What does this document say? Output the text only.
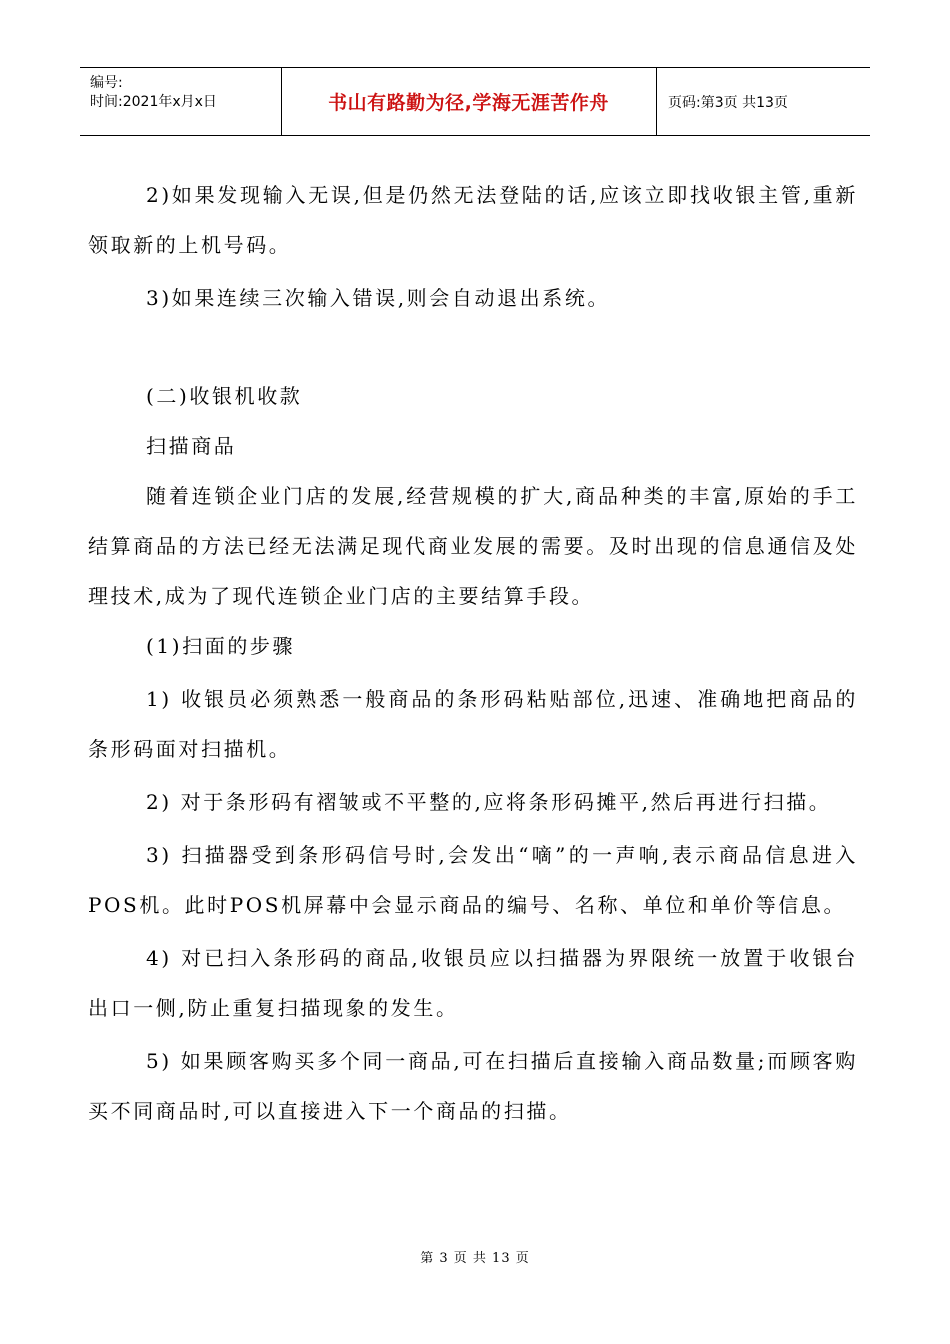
编号:
时间:2021年x月x日	书山有路勤为径,学海无涯苦作舟	页码:第3页 共13页

2)如果发现输入无误,但是仍然无法登陆的话,应该立即找收银主管,重新领取新的上机号码。

3)如果连续三次输入错误,则会自动退出系统。

(二)收银机收款

扫描商品

随着连锁企业门店的发展,经营规模的扩大,商品种类的丰富,原始的手工结算商品的方法已经无法满足现代商业发展的需要。及时出现的信息通信及处理技术,成为了现代连锁企业门店的主要结算手段。

(1)扫面的步骤

1) 收银员必须熟悉一般商品的条形码粘贴部位,迅速、准确地把商品的条形码面对扫描机。

2) 对于条形码有褶皱或不平整的,应将条形码摊平,然后再进行扫描。

3) 扫描器受到条形码信号时,会发出“嘀”的一声响,表示商品信息进入POS机。此时POS机屏幕中会显示商品的编号、名称、单位和单价等信息。

4) 对已扫入条形码的商品,收银员应以扫描器为界限统一放置于收银台出口一侧,防止重复扫描现象的发生。

5) 如果顾客购买多个同一商品,可在扫描后直接输入商品数量;而顾客购买不同商品时,可以直接进入下一个商品的扫描。

第 3 页 共 13 页
